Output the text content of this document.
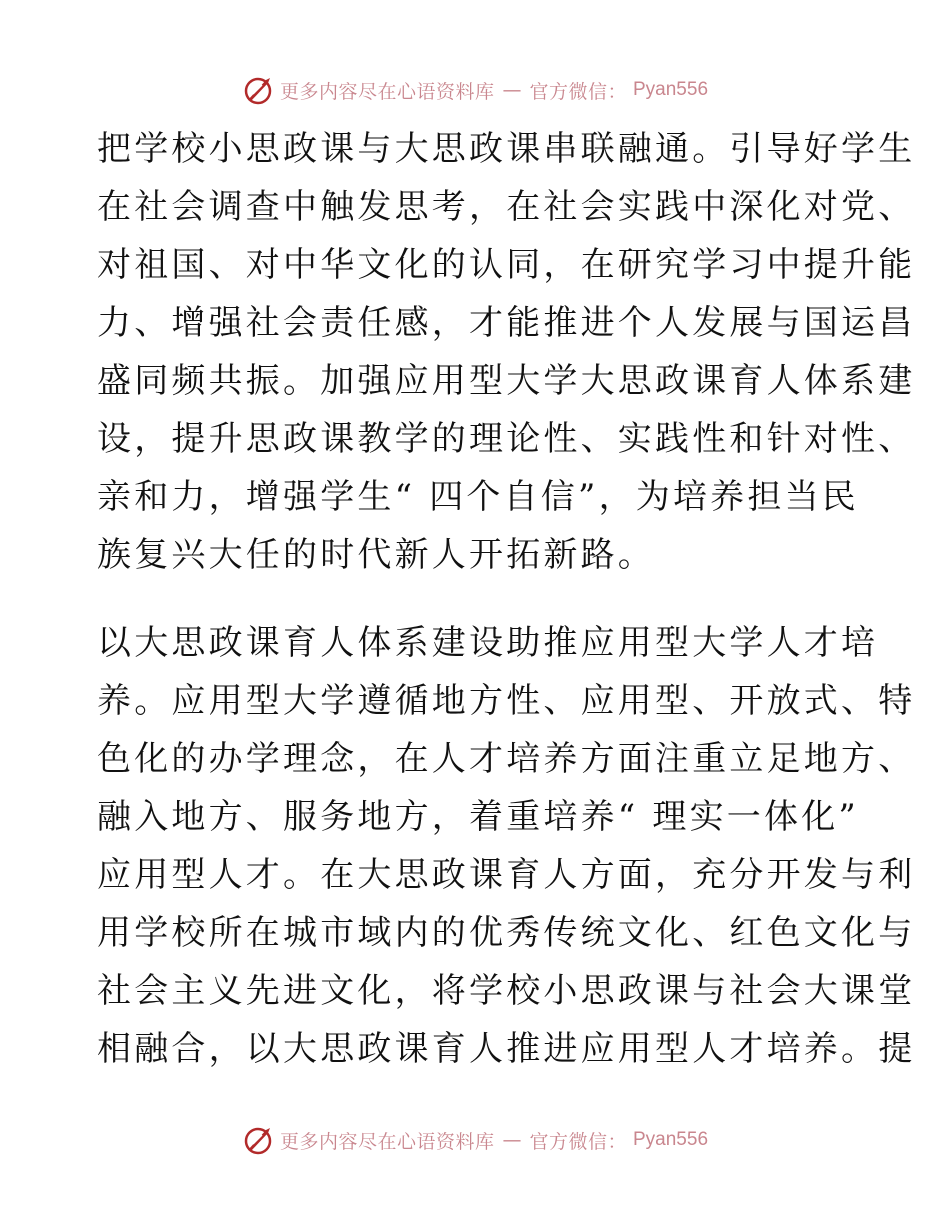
更多内容尽在心语资料库 — 官方微信： Pyan556
把学校小思政课与大思政课串联融通。引导好学生
在社会调查中触发思考，在社会实践中深化对党、
对祖国、对中华文化的认同，在研究学习中提升能
力、增强社会责任感，才能推进个人发展与国运昌
盛同频共振。加强应用型大学大思政课育人体系建
设，提升思政课教学的理论性、实践性和针对性、
亲和力，增强学生“ 四个自信”，为培养担当民
族复兴大任的时代新人开拓新路。
以大思政课育人体系建设助推应用型大学人才培
养。应用型大学遵循地方性、应用型、开放式、特
色化的办学理念，在人才培养方面注重立足地方、
融入地方、服务地方，着重培养“ 理实一体化”
应用型人才。在大思政课育人方面，充分开发与利
用学校所在城市域内的优秀传统文化、红色文化与
社会主义先进文化，将学校小思政课与社会大课堂
相融合，以大思政课育人推进应用型人才培养。提
更多内容尽在心语资料库 — 官方微信： Pyan556
